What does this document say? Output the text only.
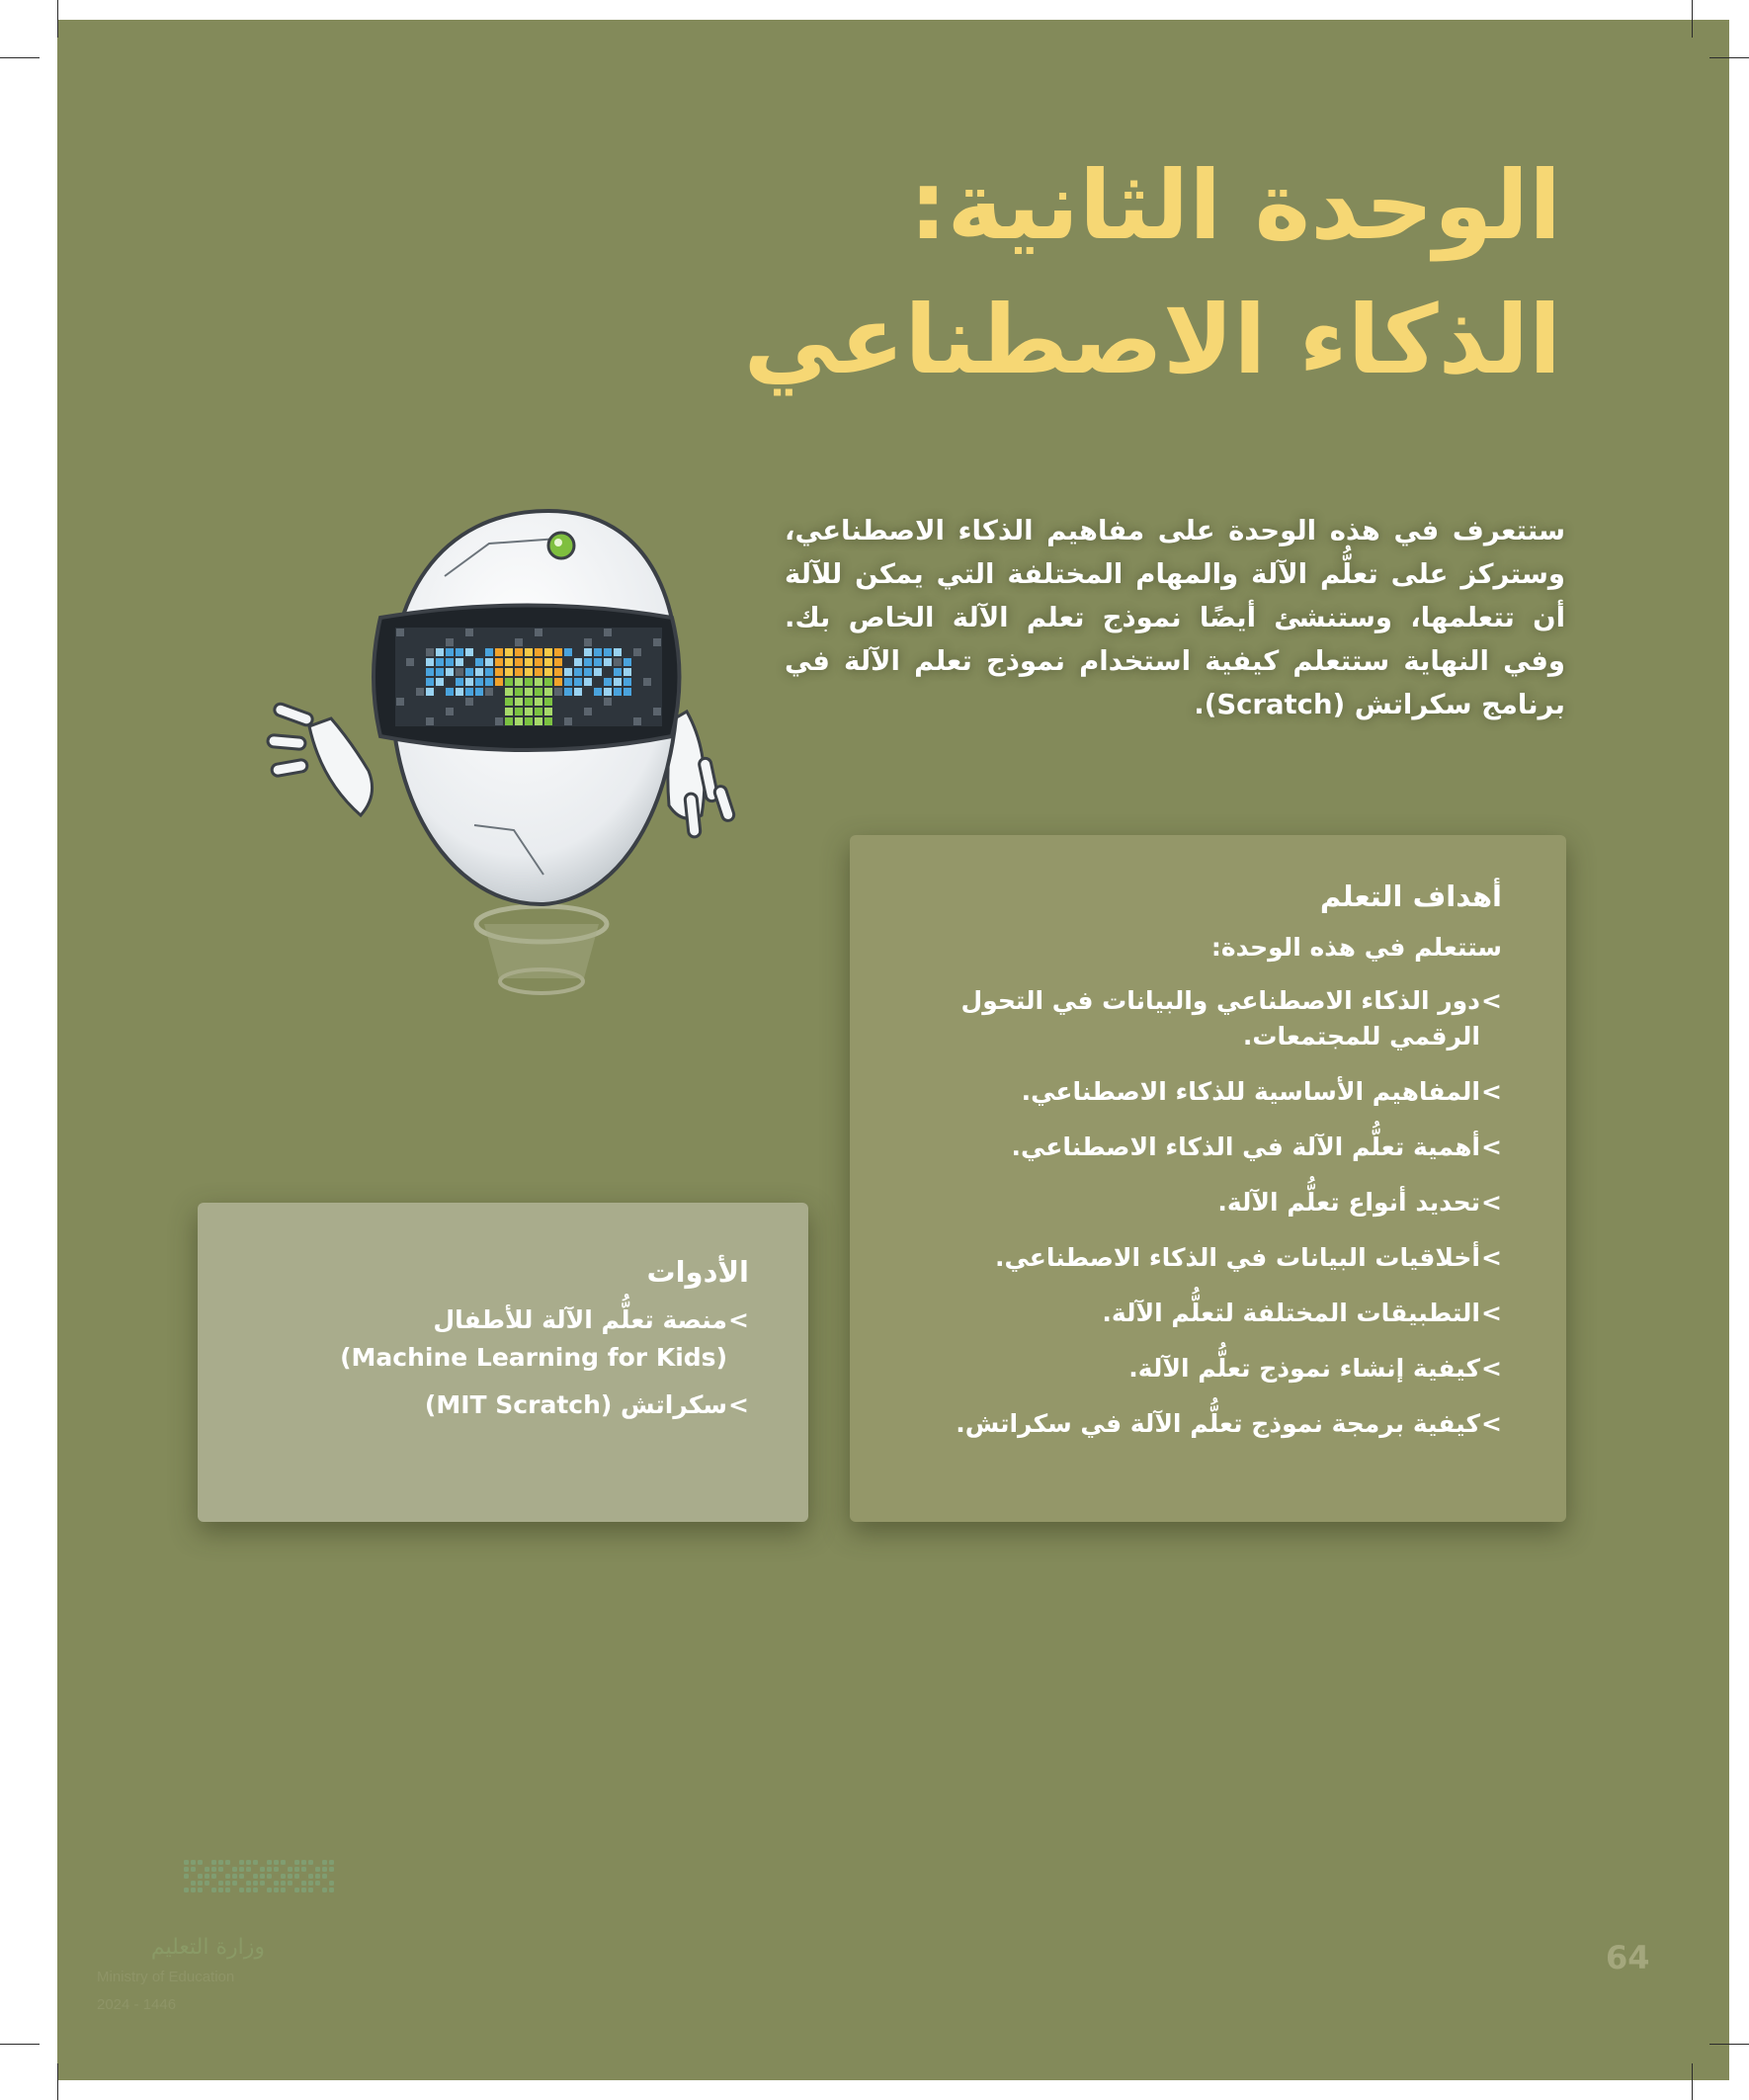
الوحدة الثانية:
الذكاء الاصطناعي

ستتعرف في هذه الوحدة على مفاهيم الذكاء الاصطناعي، وستركز على تعلُّم الآلة والمهام المختلفة التي يمكن للآلة أن تتعلمها، وستنشئ أيضًا نموذج تعلم الآلة الخاص بك. وفي النهاية ستتعلم كيفية استخدام نموذج تعلم الآلة في برنامج سكراتش (Scratch).

أهداف التعلم

ستتعلم في هذه الوحدة:

> دور الذكاء الاصطناعي والبيانات في التحول الرقمي للمجتمعات.
> المفاهيم الأساسية للذكاء الاصطناعي.
> أهمية تعلُّم الآلة في الذكاء الاصطناعي.
> تحديد أنواع تعلُّم الآلة.
> أخلاقيات البيانات في الذكاء الاصطناعي.
> التطبيقات المختلفة لتعلُّم الآلة.
> كيفية إنشاء نموذج تعلُّم الآلة.
> كيفية برمجة نموذج تعلُّم الآلة في سكراتش.
الأدوات
> منصة تعلُّم الآلة للأطفال
(Machine Learning for Kids)
> سكراتش (MIT Scratch)
64
وزارة التعليم
Ministry of Education
2024 - 1446
